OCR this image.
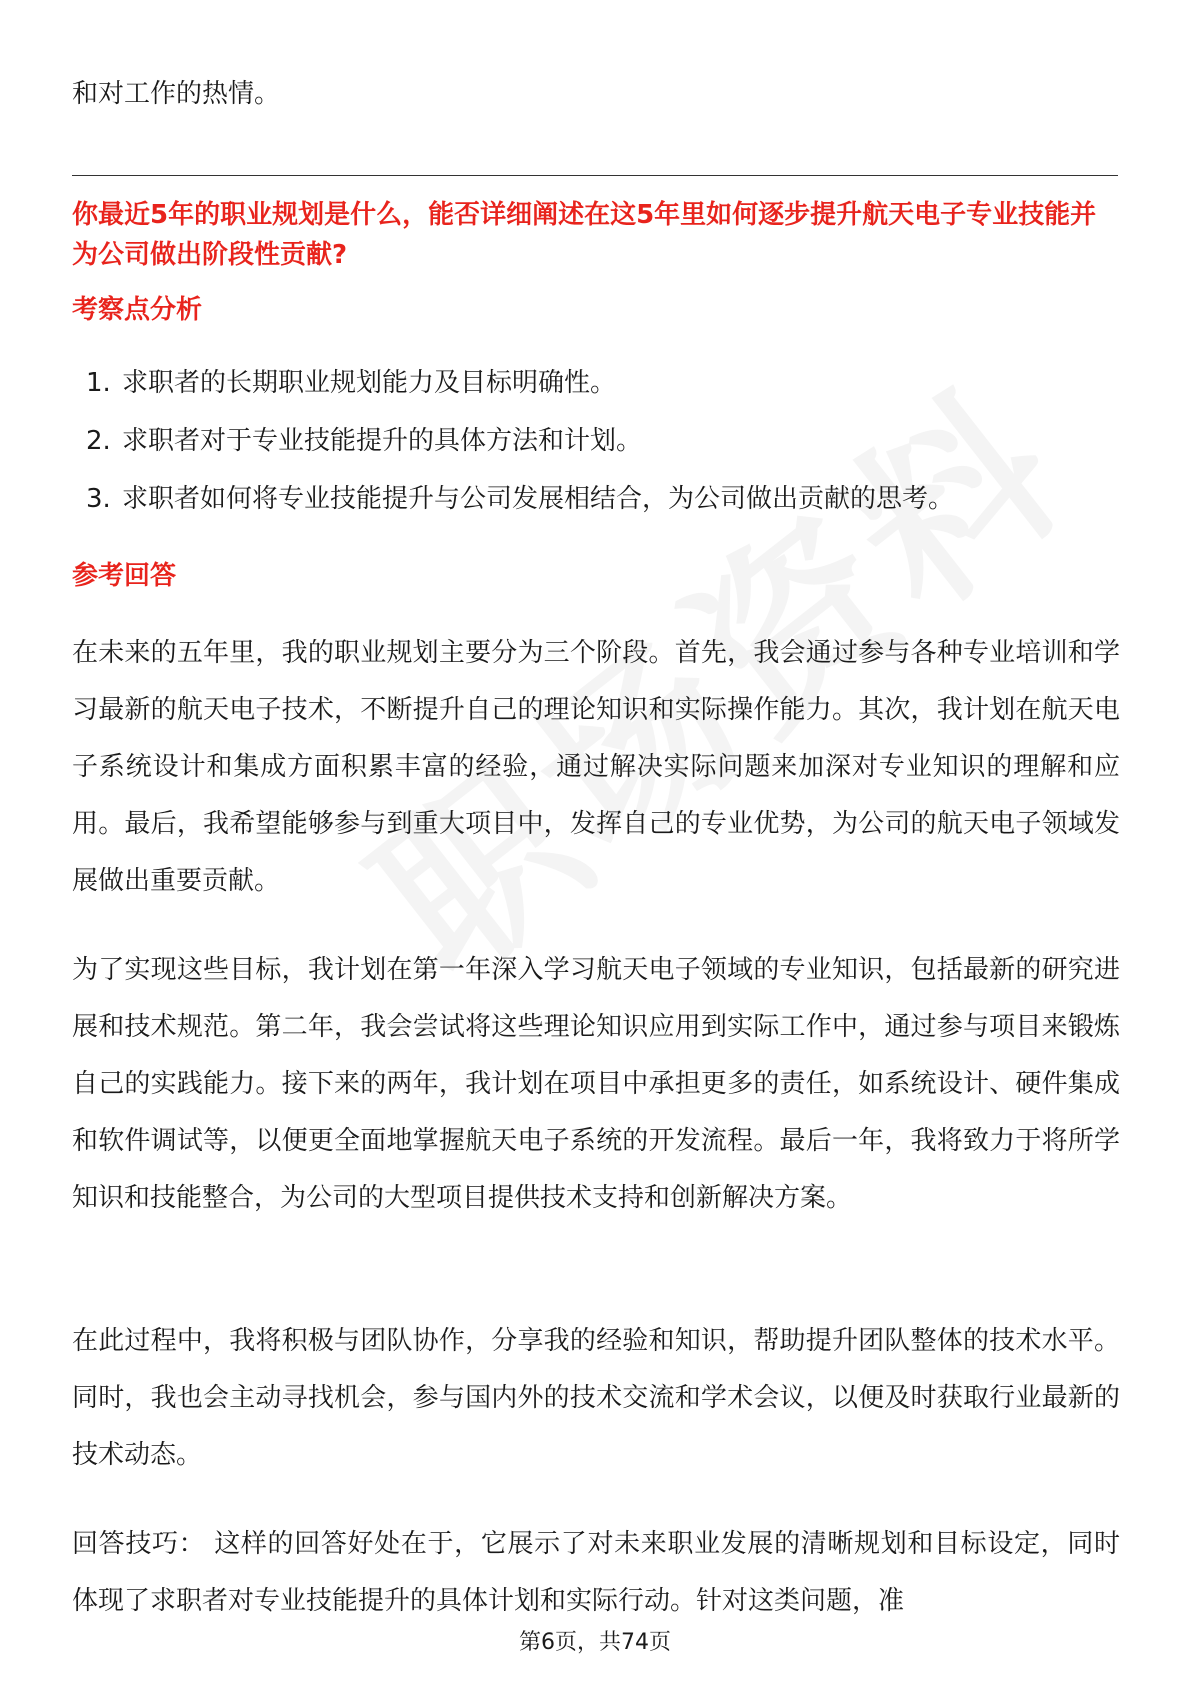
和对工作的热情。

你最近5年的职业规划是什么，能否详细阐述在这5年里如何逐步提升航天电子专业技能并为公司做出阶段性贡献?

考察点分析
1. 求职者的长期职业规划能力及目标明确性。
2. 求职者对于专业技能提升的具体方法和计划。
3. 求职者如何将专业技能提升与公司发展相结合，为公司做出贡献的思考。
参考回答

在未来的五年里，我的职业规划主要分为三个阶段。首先，我会通过参与各种专业培训和学习最新的航天电子技术，不断提升自己的理论知识和实际操作能力。其次，我计划在航天电子系统设计和集成方面积累丰富的经验，通过解决实际问题来加深对专业知识的理解和应用。最后，我希望能够参与到重大项目中，发挥自己的专业优势，为公司的航天电子领域发展做出重要贡献。

为了实现这些目标，我计划在第一年深入学习航天电子领域的专业知识，包括最新的研究进展和技术规范。第二年，我会尝试将这些理论知识应用到实际工作中，通过参与项目来锻炼自己的实践能力。接下来的两年，我计划在项目中承担更多的责任，如系统设计、硬件集成和软件调试等，以便更全面地掌握航天电子系统的开发流程。最后一年，我将致力于将所学知识和技能整合，为公司的大型项目提供技术支持和创新解决方案。

在此过程中，我将积极与团队协作，分享我的经验和知识，帮助提升团队整体的技术水平。同时，我也会主动寻找机会，参与国内外的技术交流和学术会议，以便及时获取行业最新的技术动态。

回答技巧： 这样的回答好处在于，它展示了对未来职业发展的清晰规划和目标设定，同时体现了求职者对专业技能提升的具体计划和实际行动。针对这类问题，准

第6页，共74页
